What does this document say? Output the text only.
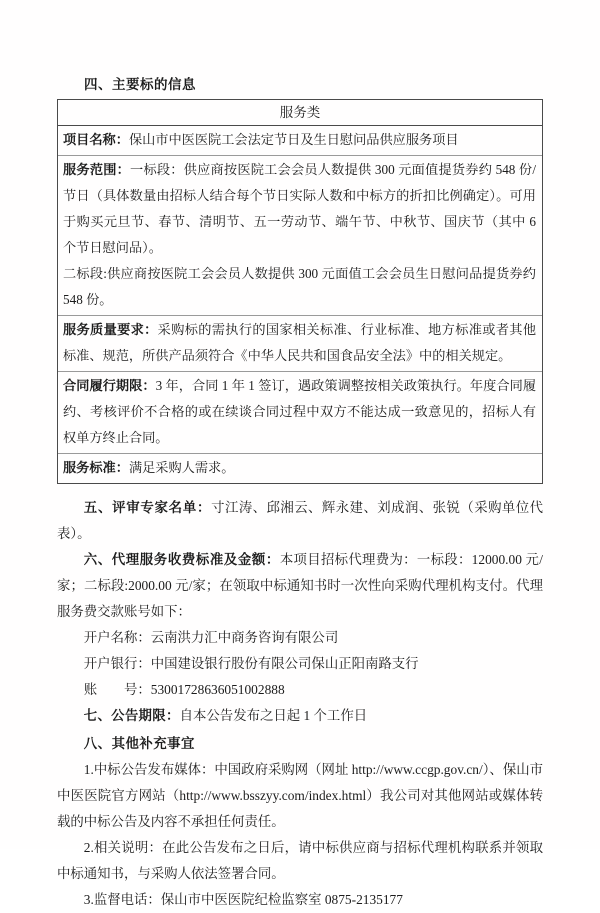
四、主要标的信息
服务类

项目名称：保山市中医医院工会法定节日及生日慰问品供应服务项目

服务范围：一标段：供应商按医院工会会员人数提供 300 元面值提货券约 548 份/节日（具体数量由招标人结合每个节日实际人数和中标方的折扣比例确定）。可用于购买元旦节、春节、清明节、五一劳动节、端午节、中秋节、国庆节（其中 6 个节日慰问品）。

二标段:供应商按医院工会会员人数提供 300 元面值工会会员生日慰问品提货券约 548 份。

服务质量要求：采购标的需执行的国家相关标准、行业标准、地方标准或者其他标准、规范，所供产品须符合《中华人民共和国食品安全法》中的相关规定。

合同履行期限：3 年，合同 1 年 1 签订，遇政策调整按相关政策执行。年度合同履约、考核评价不合格的或在续谈合同过程中双方不能达成一致意见的，招标人有权单方终止合同。

服务标准：满足采购人需求。

五、评审专家名单：寸江涛、邱湘云、辉永建、刘成润、张锐（采购单位代表）。

六、代理服务收费标准及金额：本项目招标代理费为：一标段：12000.00 元/家；二标段:2000.00 元/家；在领取中标通知书时一次性向采购代理机构支付。代理服务费交款账号如下：

开户名称：云南洪力汇中商务咨询有限公司

开户银行：中国建设银行股份有限公司保山正阳南路支行

账　　号：53001728636051002888

七、公告期限：自本公告发布之日起 1 个工作日

八、其他补充事宜

1.中标公告发布媒体：中国政府采购网（网址 http://www.ccgp.gov.cn/）、保山市中医医院官方网站（http://www.bsszyy.com/index.html）我公司对其他网站或媒体转载的中标公告及内容不承担任何责任。

2.相关说明：在此公告发布之日后，请中标供应商与招标代理机构联系并领取中标通知书，与采购人依法签署合同。

3.监督电话：保山市中医医院纪检监察室 0875-2135177
